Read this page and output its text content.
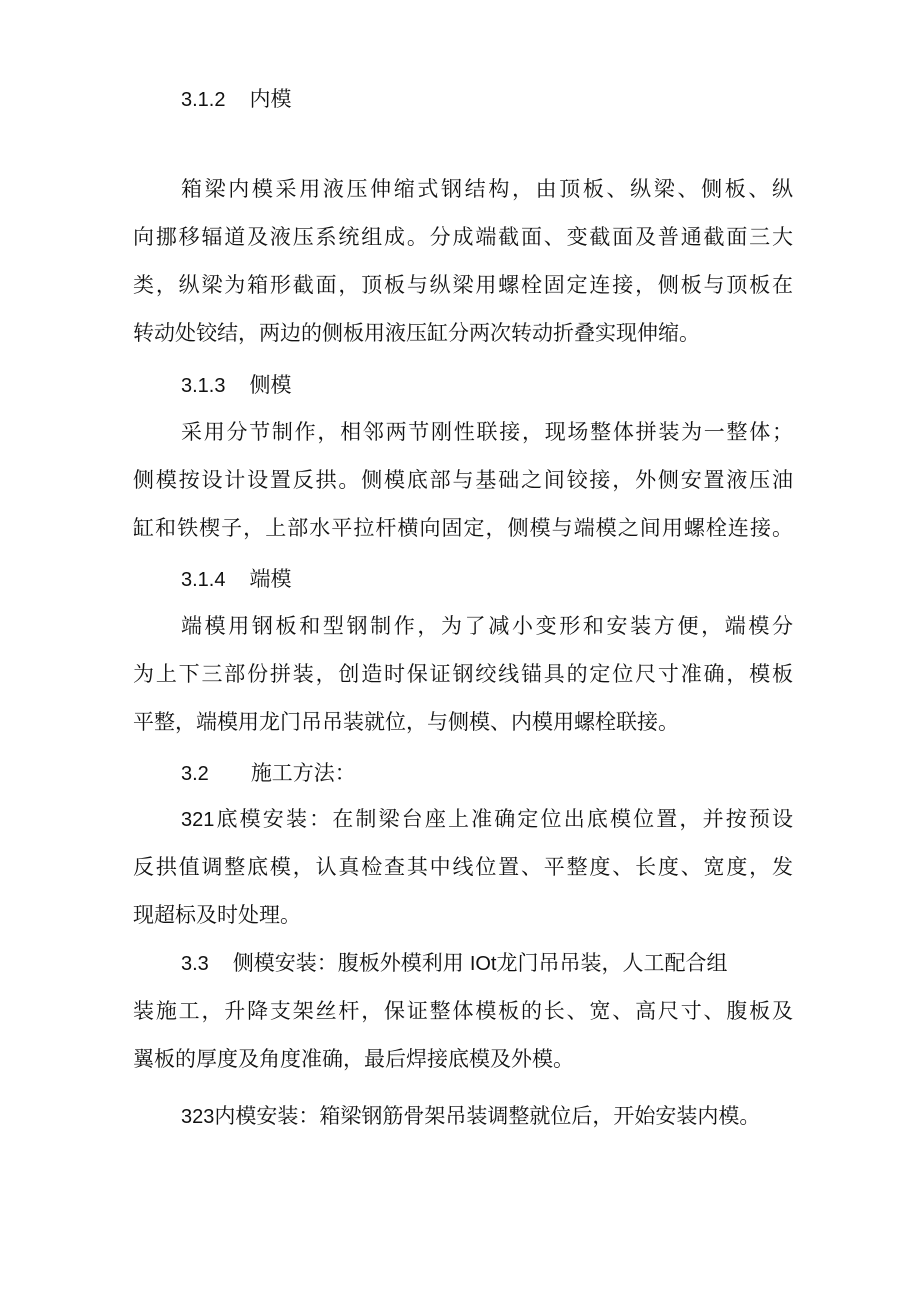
3.1.2 内模
箱梁内模采用液压伸缩式钢结构，由顶板、纵梁、侧板、纵
向挪移辐道及液压系统组成。分成端截面、变截面及普通截面三大
类，纵梁为箱形截面，顶板与纵梁用螺栓固定连接，侧板与顶板在
转动处铰结，两边的侧板用液压缸分两次转动折叠实现伸缩。
3.1.3 侧模
采用分节制作，相邻两节刚性联接，现场整体拼装为一整体；
侧模按设计设置反拱。侧模底部与基础之间铰接，外侧安置液压油
缸和铁楔子，上部水平拉杆横向固定，侧模与端模之间用螺栓连接。
3.1.4 端模
端模用钢板和型钢制作，为了减小变形和安装方便，端模分
为上下三部份拼装，创造时保证钢绞线锚具的定位尺寸准确，模板
平整，端模用龙门吊吊装就位，与侧模、内模用螺栓联接。
3.2 施工方法：
321底模安装：在制梁台座上准确定位出底模位置，并按预设
反拱值调整底模，认真检查其中线位置、平整度、长度、宽度，发
现超标及时处理。
3.3 侧模安装：腹板外模利用 IOt龙门吊吊装，人工配合组
装施工，升降支架丝杆，保证整体模板的长、宽、高尺寸、腹板及
翼板的厚度及角度准确，最后焊接底模及外模。
323内模安装：箱梁钢筋骨架吊装调整就位后，开始安装内模。
